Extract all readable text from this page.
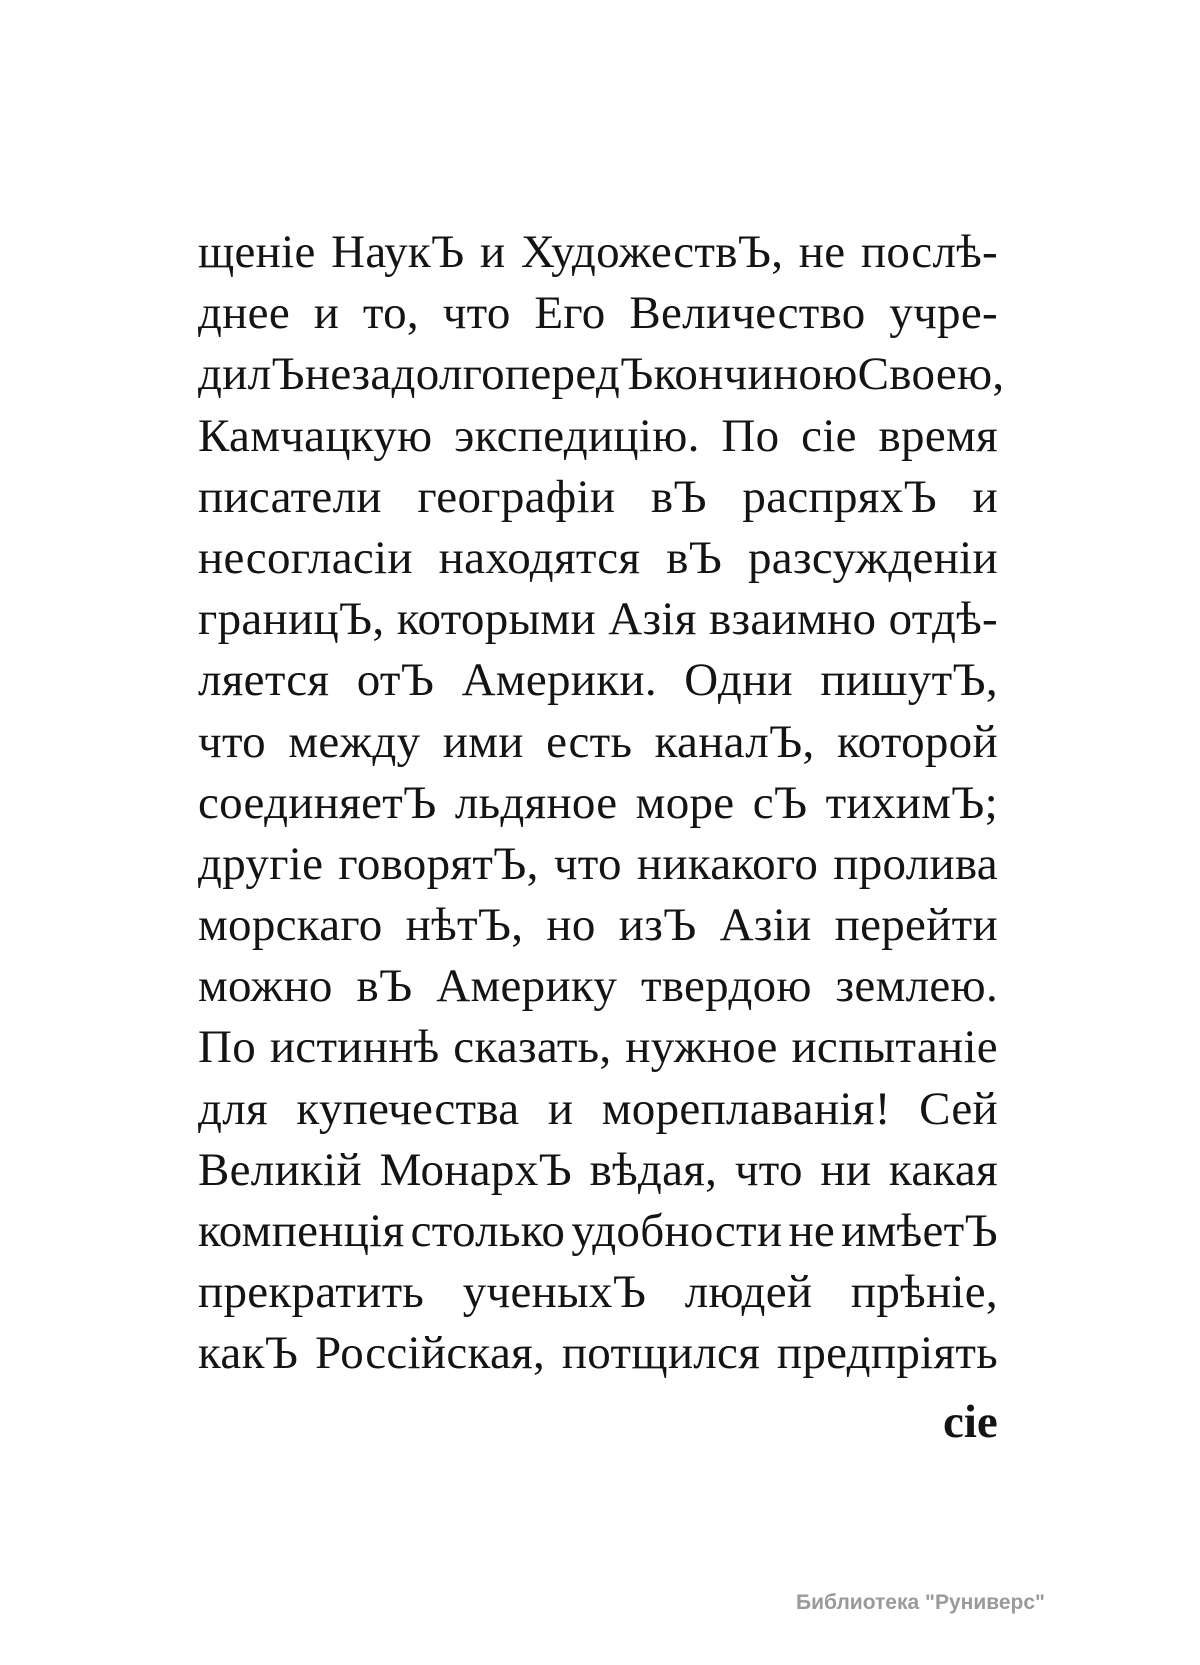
щеніе НаукЪ и ХудожествЪ, не послѣ-
днее и то, что Его Величество учре-
дилЪ не задолго передЪ кончиною Своею,
Камчацкую экспедицію. По сіе время
писатели географіи вЪ распряхЪ и
несогласіи находятся вЪ разсужденіи
границЪ, которыми Азія взаимно отдѣ-
ляется отЪ Америки. Одни пишутЪ,
что между ими есть каналЪ, которой
соединяетЪ льдяное море сЪ тихимЪ;
другіе говорятЪ, что никакого пролива
морскаго нѣтЪ, но изЪ Азіи перейти
можно вЪ Америку твердою землею.
По истиннѣ сказать, нужное испытаніе
для купечества и мореплаванія! Сей
Великій МонархЪ вѣдая, что ни какая
компенція столько удобности не имѣетЪ
прекратить ученыхЪ людей прѣніе,
какЪ Россійская, потщился предпріять
сіе
Библиотека "Руниверс"
